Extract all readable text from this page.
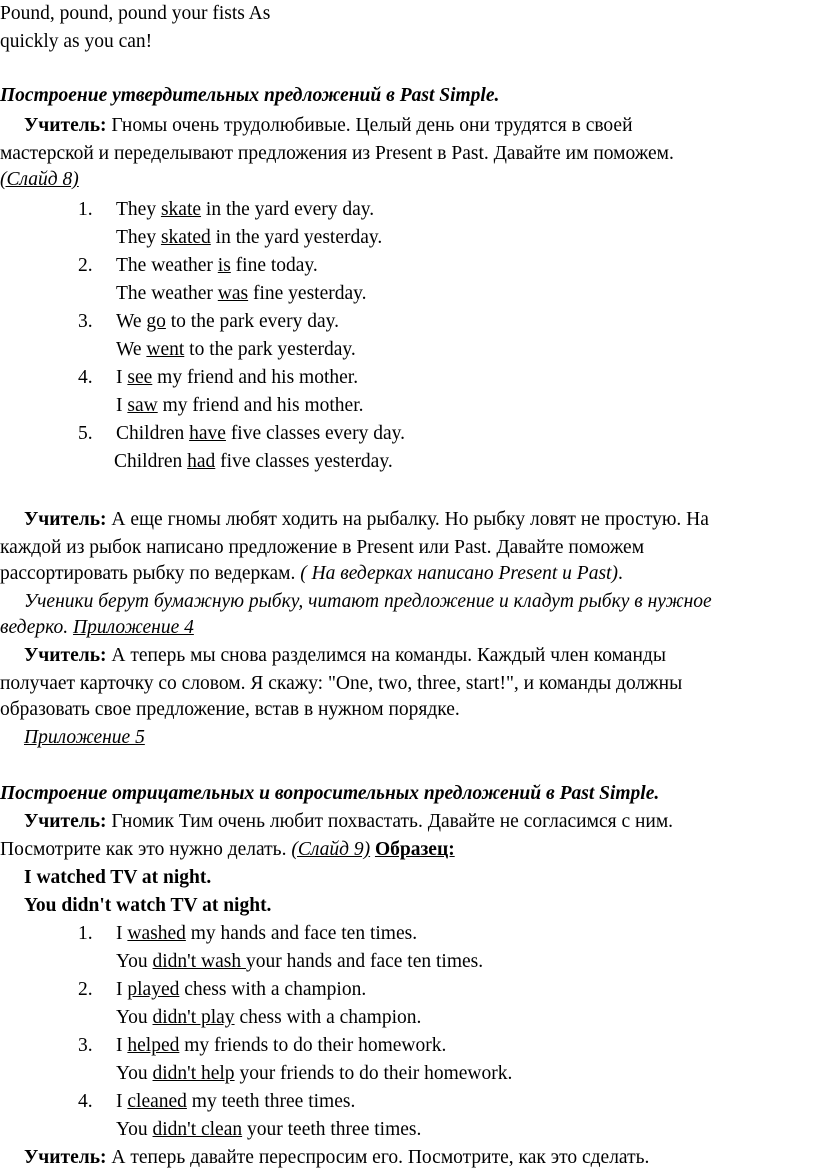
Pound, pound, pound your fists As
quickly as you can!
Построение утвердительных предложений в Past Simple.
Учитель: Гномы очень трудолюбивые. Целый день они трудятся в своей
мастерской и переделывают предложения из Present в Past. Давайте им поможем.
(Слайд 8)
1. They skate in the yard every day.
They skated in the yard yesterday.
2. The weather is fine today.
The weather was fine yesterday.
3. We go to the park every day.
We went to the park yesterday.
4. I see my friend and his mother.
I saw my friend and his mother.
5. Children have five classes every day.
Children had five classes yesterday.
Учитель: А еще гномы любят ходить на рыбалку. Но рыбку ловят не простую. На
каждой из рыбок написано предложение в Present или Past. Давайте поможем
рассортировать рыбку по ведеркам. ( На ведерках написано Present и Past).
Ученики берут бумажную рыбку, читают предложение и кладут рыбку в нужное
ведерко. Приложение 4
Учитель: А теперь мы снова разделимся на команды. Каждый член команды
получает карточку со словом. Я скажу: "One, two, three, start!", и команды должны
образовать свое предложение, встав в нужном порядке.
Приложение 5
Построение отрицательных и вопросительных предложений в Past Simple.
Учитель: Гномик Тим очень любит похвастать. Давайте не согласимся с ним.
Посмотрите как это нужно делать. (Слайд 9) Образец:
I watched TV at night.
You didn't watch TV at night.
1. I washed my hands and face ten times.
You didn't wash your hands and face ten times.
2. I played chess with a champion.
You didn't play chess with a champion.
3. I helped my friends to do their homework.
You didn't help your friends to do their homework.
4. I cleaned my teeth three times.
You didn't clean your teeth three times.
Учитель: А теперь давайте переспросим его. Посмотрите, как это сделать.
